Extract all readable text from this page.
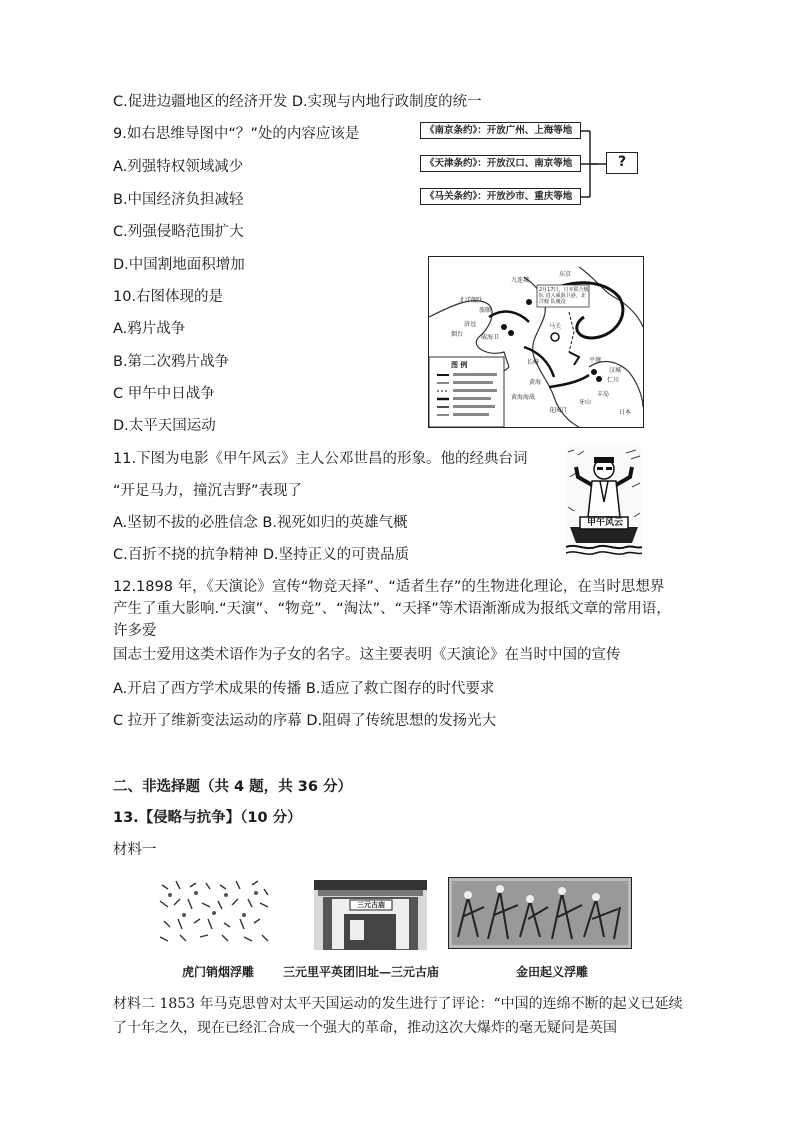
C.促进边疆地区的经济开发 D.实现与内地行政制度的统一
9.如右思维导图中“？”处的内容应该是
A.列强特权领域减少
B.中国经济负担减轻
C.列强侵略范围扩大
D.中国割地面积增加
《南京条约》：开放广州、上海等地
《天津条约》：开放汉口、南京等地
《马关条约》：开放沙市、重庆等地
?
10.右图体现的是
A.鸦片战争
B.第二次鸦片战争
C 甲午中日战争
D.太平天国运动
图 例
2月17日，日本联合舰队 进入威海卫港，北洋舰 队覆没
北洋舰队
济远
旅顺
威海卫
烟台
黄海
平壤
丰岛
仁川
汉城
日本
牙山
东京
九连城
花园口
长崎
黄海海战
马关
11.下图为电影《甲午风云》主人公邓世昌的形象。他的经典台词
“开足马力，撞沉吉野”表现了
A.坚韧不拔的必胜信念 B.视死如归的英雄气概
C.百折不挠的抗争精神 D.坚持正义的可贵品质
甲午风云
12.1898 年，《天演论》宣传“物竞天择”、“适者生存”的生物进化理论，在当时思想界产生了重大影响.“天演”、“物竞”、“淘汰”、“天择”等术语渐渐成为报纸文章的常用语，许多爱
国志士爱用这类术语作为子女的名字。这主要表明《天演论》在当时中国的宣传
A.开启了西方学术成果的传播 B.适应了救亡图存的时代要求
C 拉开了维新变法运动的序幕 D.阻碍了传统思想的发扬光大
二、非选择题（共 4 题，共 36 分）
13.【侵略与抗争】（10 分）
材料一
三元古庙
虎门销烟浮雕 三元里平英团旧址—三元古庙	金田起义浮雕
材料二 1853 年马克思曾对太平天国运动的发生进行了评论：“中国的连绵不断的起义已延续了十年之久，现在已经汇合成一个强大的革命，推动这次大爆炸的毫无疑问是英国
